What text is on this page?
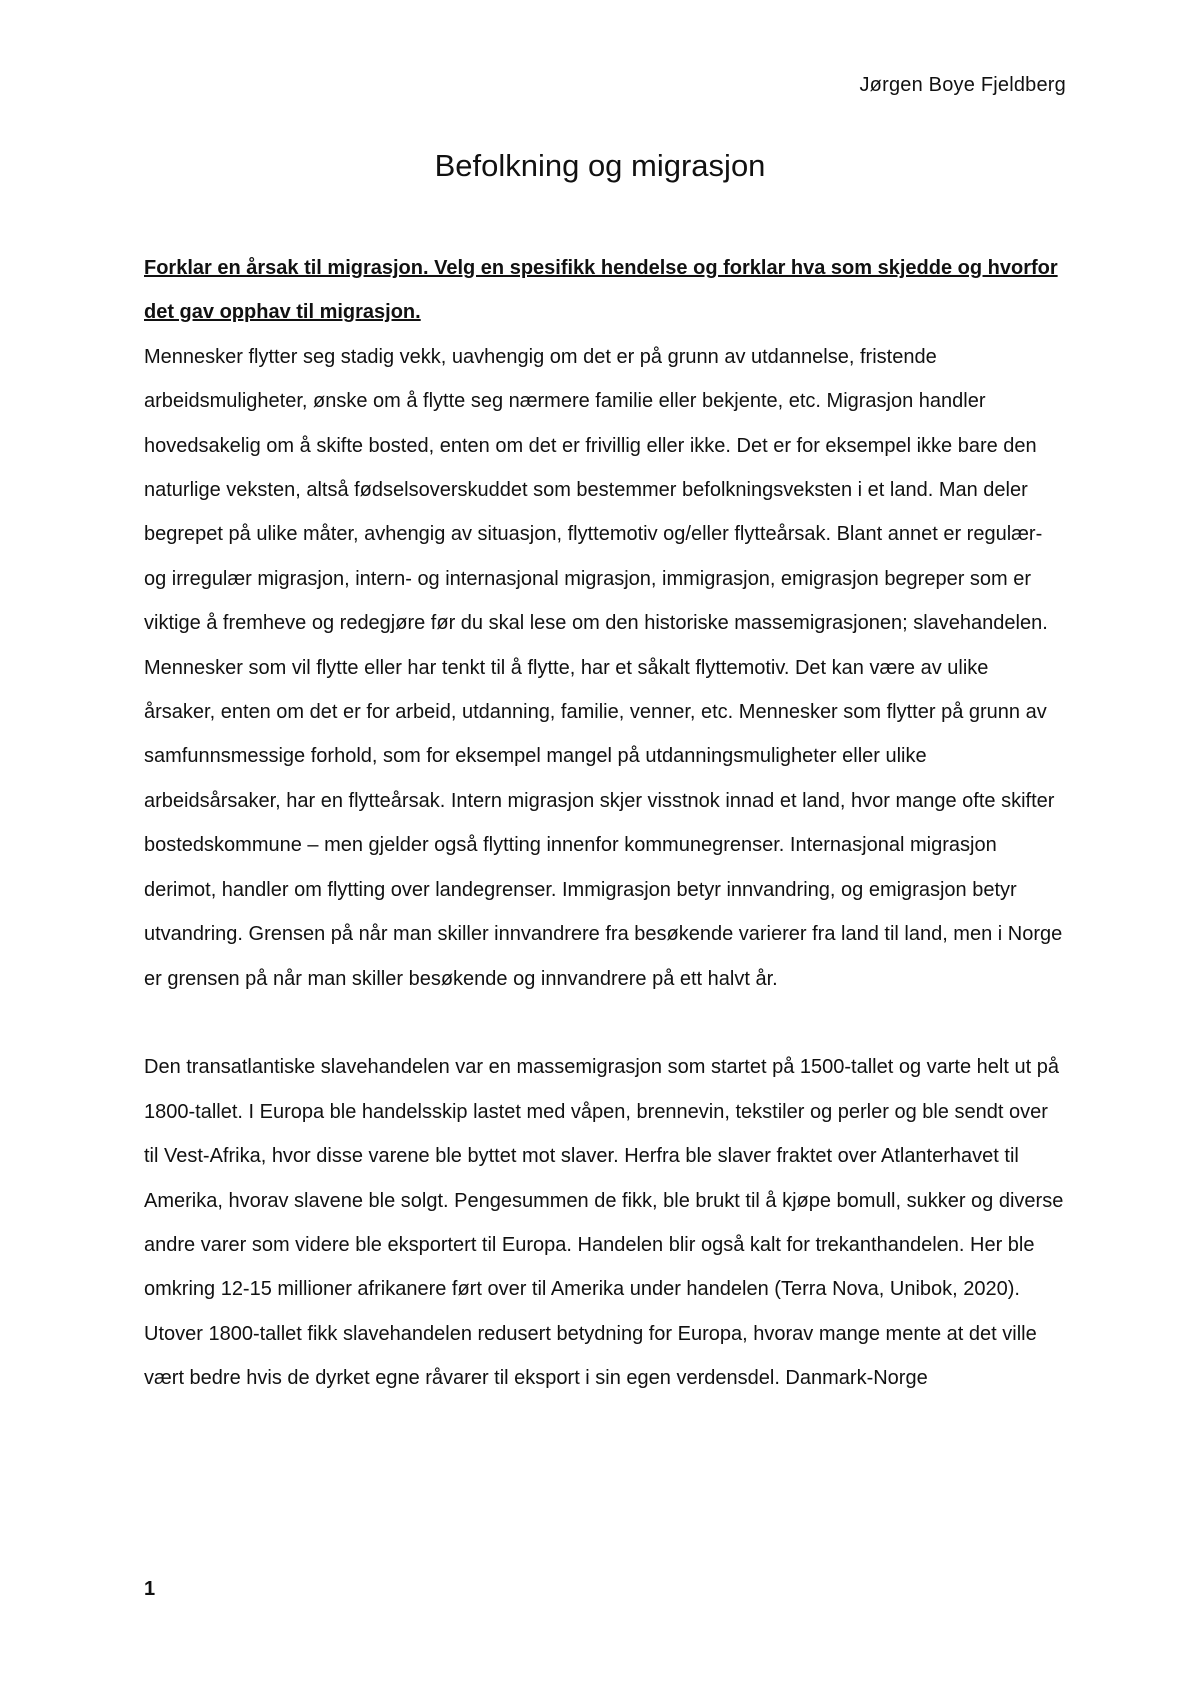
Jørgen Boye Fjeldberg
Befolkning og migrasjon

Forklar en årsak til migrasjon. Velg en spesifikk hendelse og forklar hva som skjedde og hvorfor det gav opphav til migrasjon.

Mennesker flytter seg stadig vekk, uavhengig om det er på grunn av utdannelse, fristende arbeidsmuligheter, ønske om å flytte seg nærmere familie eller bekjente, etc. Migrasjon handler hovedsakelig om å skifte bosted, enten om det er frivillig eller ikke. Det er for eksempel ikke bare den naturlige veksten, altså fødselsoverskuddet som bestemmer befolkningsveksten i et land. Man deler begrepet på ulike måter, avhengig av situasjon, flyttemotiv og/eller flytteårsak. Blant annet er regulær- og irregulær migrasjon, intern- og internasjonal migrasjon, immigrasjon, emigrasjon begreper som er viktige å fremheve og redegjøre før du skal lese om den historiske massemigrasjonen; slavehandelen. Mennesker som vil flytte eller har tenkt til å flytte, har et såkalt flyttemotiv. Det kan være av ulike årsaker, enten om det er for arbeid, utdanning, familie, venner, etc. Mennesker som flytter på grunn av samfunnsmessige forhold, som for eksempel mangel på utdanningsmuligheter eller ulike arbeidsårsaker, har en flytteårsak. Intern migrasjon skjer visstnok innad et land, hvor mange ofte skifter bostedskommune – men gjelder også flytting innenfor kommunegrenser. Internasjonal migrasjon derimot, handler om flytting over landegrenser. Immigrasjon betyr innvandring, og emigrasjon betyr utvandring. Grensen på når man skiller innvandrere fra besøkende varierer fra land til land, men i Norge er grensen på når man skiller besøkende og innvandrere på ett halvt år.

Den transatlantiske slavehandelen var en massemigrasjon som startet på 1500-tallet og varte helt ut på 1800-tallet. I Europa ble handelsskip lastet med våpen, brennevin, tekstiler og perler og ble sendt over til Vest-Afrika, hvor disse varene ble byttet mot slaver. Herfra ble slaver fraktet over Atlanterhavet til Amerika, hvorav slavene ble solgt. Pengesummen de fikk, ble brukt til å kjøpe bomull, sukker og diverse andre varer som videre ble eksportert til Europa. Handelen blir også kalt for trekanthandelen. Her ble omkring 12-15 millioner afrikanere ført over til Amerika under handelen (Terra Nova, Unibok, 2020). Utover 1800-tallet fikk slavehandelen redusert betydning for Europa, hvorav mange mente at det ville vært bedre hvis de dyrket egne råvarer til eksport i sin egen verdensdel. Danmark-Norge

1
